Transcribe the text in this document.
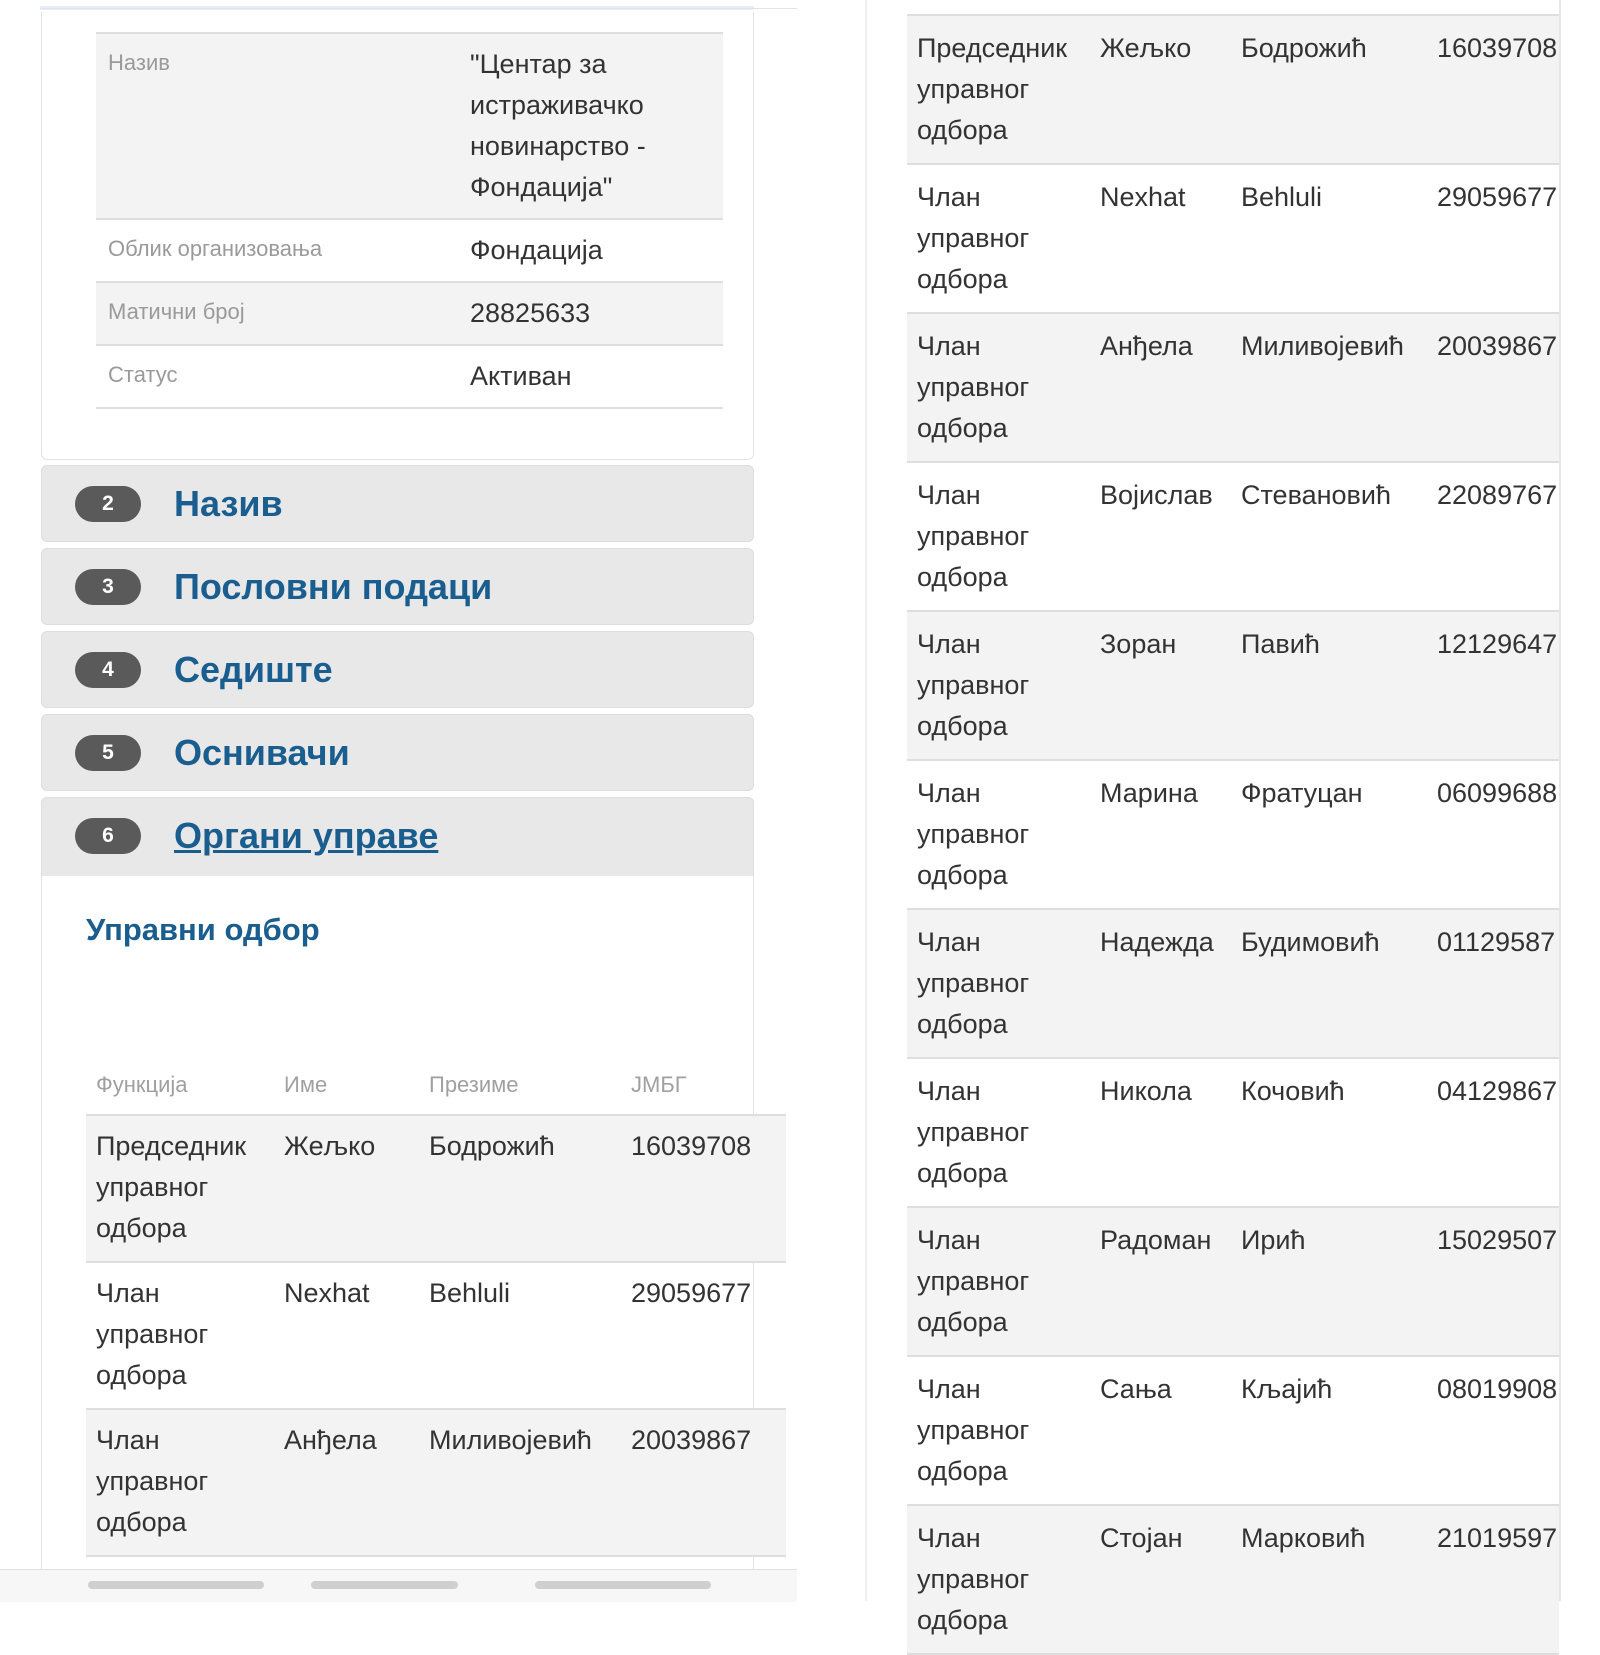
Назив	"Центар за
истраживачко
новинарство -
Фондација"

Облик организовања	Фондација
Матични број	28825633
Статус	Активан
2	Назив
3	Пословни подаци
4	Седиште
5	Оснивачи
6	Органи управе
Управни одбор
Функција	Име	Презиме	ЈМБГ

Председник
управног
одбора	Жељко	Бодрожић	16039708

Члан
управног
одбора	Nexhat	Behluli	29059677

Члан
управног
одбора	Анђела	Миливојевић	20039867
Председник
управног
одбора	Жељко	Бодрожић	16039708

Члан
управног
одбора	Nexhat	Behluli	29059677

Члан
управног
одбора	Анђела	Миливојевић	20039867

Члан
управног
одбора	Војислав	Стевановић	22089767

Члан
управног
одбора	Зоран	Павић	12129647

Члан
управног
одбора	Марина	Фратуцан	06099688

Члан
управног
одбора	Надежда	Будимовић	01129587

Члан
управног
одбора	Никола	Кочовић	04129867

Члан
управног
одбора	Радоман	Ирић	15029507

Члан
управног
одбора	Сања	Кљајић	08019908

Члан
управног
одбора	Стојан	Марковић	21019597
